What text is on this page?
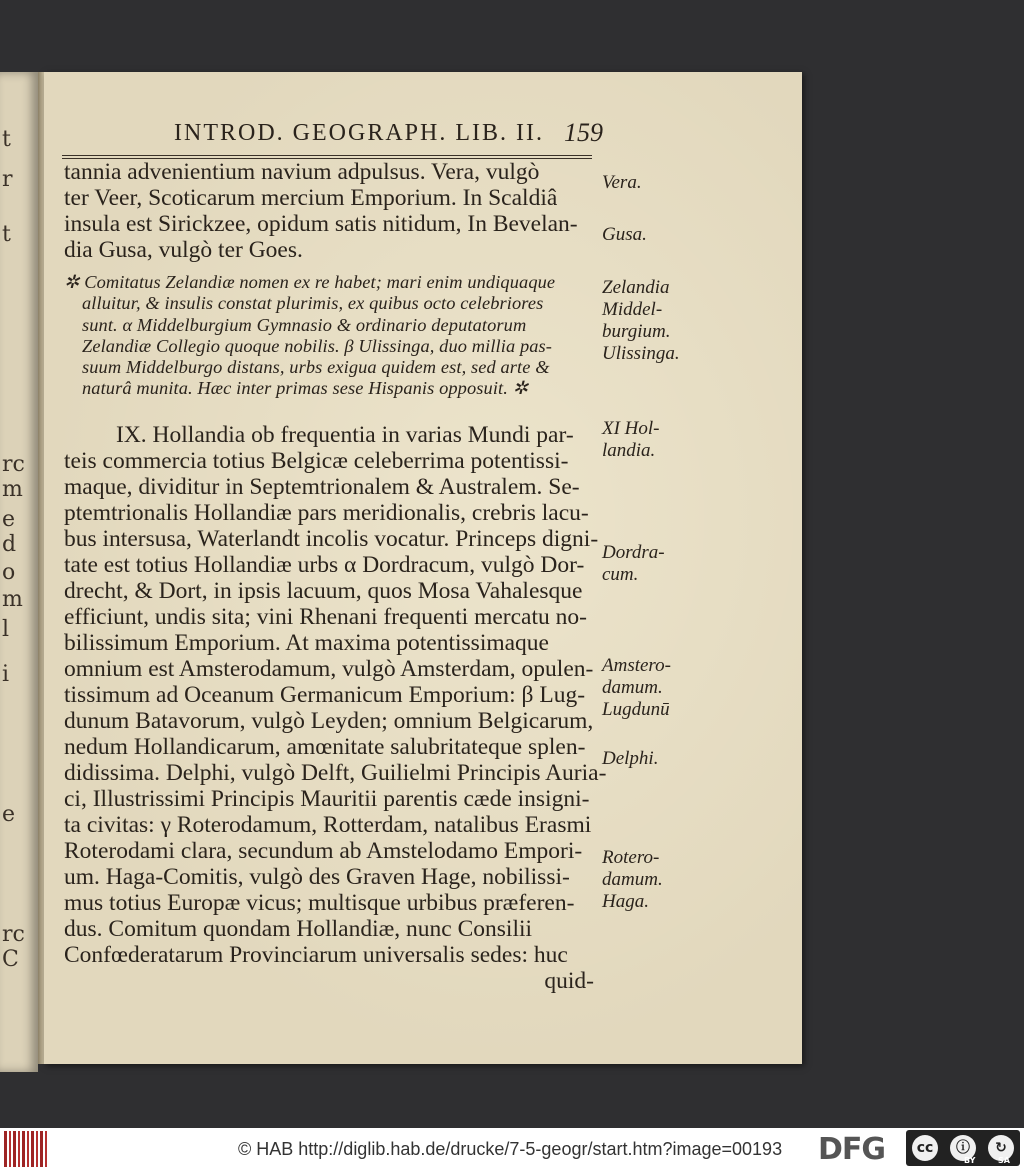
t
r
t
rc
m
e
d
o
m
l
i
e
rc
C
INTROD. GEOGRAPH. LIB. II. 159
tannia advenientium navium adpulsus. Vera, vulgò
ter Veer, Scoticarum mercium Emporium. In Scaldiâ
insula est Sirickzee, opidum satis nitidum, In Bevelan-
dia Gusa, vulgò ter Goes.
✲ Comitatus Zelandiæ nomen ex re habet; mari enim undiquaque
alluitur, & insulis constat plurimis, ex quibus octo celebriores
sunt. α Middelburgium Gymnasio & ordinario deputatorum
Zelandiæ Collegio quoque nobilis. β Ulissinga, duo millia pas-
suum Middelburgo distans, urbs exigua quidem est, sed arte &
naturâ munita. Hæc inter primas sese Hispanis opposuit. ✲
IX. Hollandia ob frequentia in varias Mundi par-
teis commercia totius Belgicæ celeberrima potentissi-
maque, dividitur in Septemtrionalem & Australem. Se-
ptemtrionalis Hollandiæ pars meridionalis, crebris lacu-
bus intersusa, Waterlandt incolis vocatur. Princeps digni-
tate est totius Hollandiæ urbs α Dordracum, vulgò Dor-
drecht, & Dort, in ipsis lacuum, quos Mosa Vahalesque
efficiunt, undis sita; vini Rhenani frequenti mercatu no-
bilissimum Emporium. At maxima potentissimaque
omnium est Amsterodamum, vulgò Amsterdam, opulen-
tissimum ad Oceanum Germanicum Emporium: β Lug-
dunum Batavorum, vulgò Leyden; omnium Belgicarum,
nedum Hollandicarum, amœnitate salubritateque splen-
didissima. Delphi, vulgò Delft, Guilielmi Principis Auria-
ci, Illustrissimi Principis Mauritii parentis cæde insigni-
ta civitas: γ Roterodamum, Rotterdam, natalibus Erasmi
Roterodami clara, secundum ab Amstelodamo Empori-
um. Haga-Comitis, vulgò des Graven Hage, nobilissi-
mus totius Europæ vicus; multisque urbibus præferen-
dus. Comitum quondam Hollandiæ, nunc Consilii
Confœderatarum Provinciarum universalis sedes: huc
quid-
Vera.
Gusa.
Zelandia
Middel-
burgium.
Ulissinga.
XI Hol-
landia.
Dordra-
cum.
Amstero-
damum.
Lugdunū
Delphi.
Rotero-
damum.
Haga.
© HAB http://diglib.hab.de/drucke/7-5-geogr/start.htm?image=00193 DFG	cc	ⓘ	↻
BY	SA
